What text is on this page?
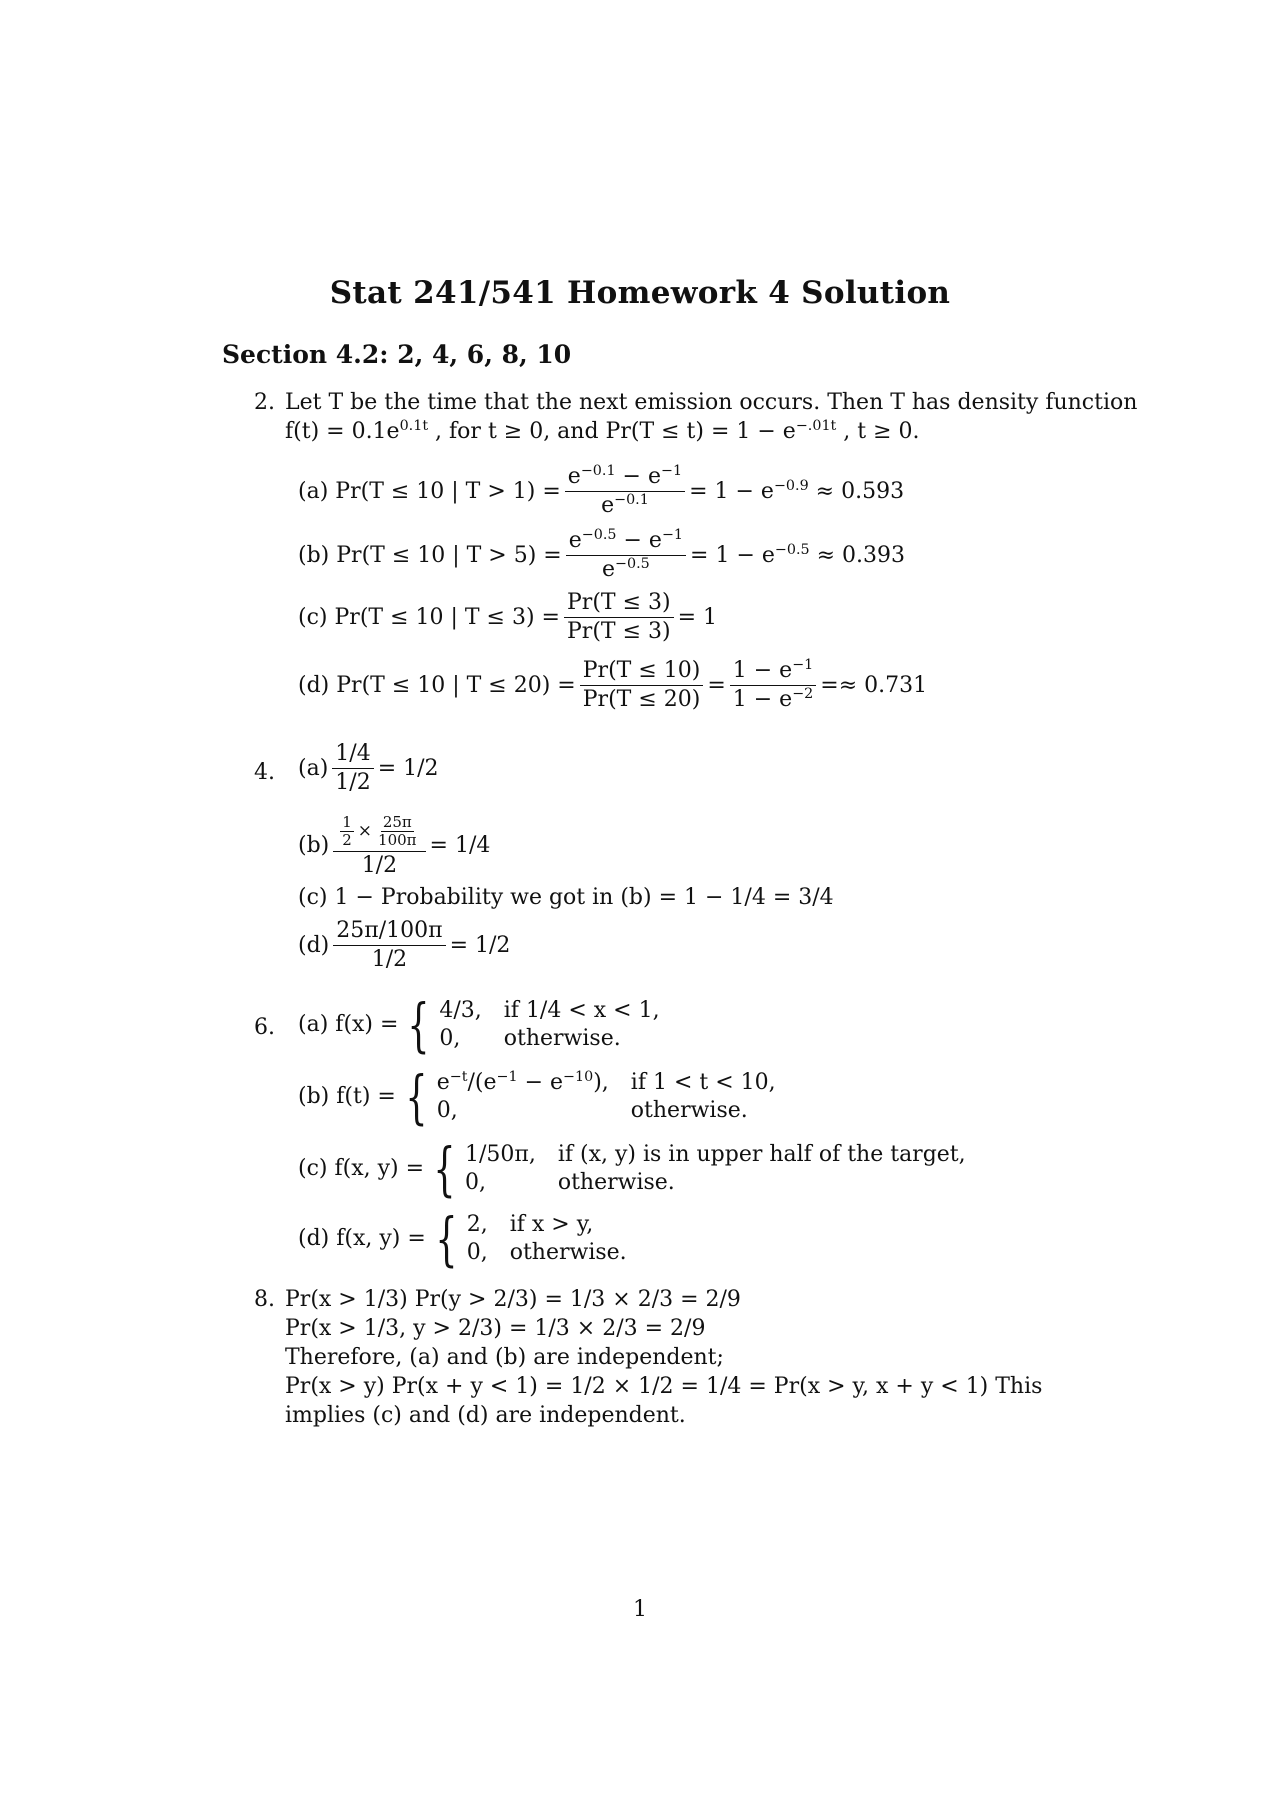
Stat 241/541 Homework 4 Solution
Section 4.2: 2, 4, 6, 8, 10
2. Let T be the time that the next emission occurs. Then T has density function
$f(t) = 0.1e^{0.1t}$ , for t ≥ 0, and $Pr(T \le t) = 1 - e^{-.01t}$ , t ≥ 0.
(a)
Pr(T ≤ 10 | $T > 1) = \frac{e^{-0.1} - e^{-1}}{e^{-0.1}} = 1 - e^{-0.9} \approx 0.593$
(b)
Pr(T ≤ 10 | $T > 5) = \frac{e^{-0.5} - e^{-1}}{e^{-0.5}} = 1 - e^{-0.5} \approx 0.393$
(c)
Pr(T ≤ 10 | $T \le 3) = \frac{Pr(T \le 3)}{Pr(T \le 3)} = 1$
(d)
Pr(T ≤ 10 | $T \le 20) = \frac{Pr(T \le 10)}{Pr(T \le 20)} = \frac{1 - e^{-1}}{1 - e^{-2}} =\approx 0.731$
4. $(a) \frac{1/4}{1/2} = 1/2$
$(b) \frac{\frac{1}{2} \times \frac{25\pi}{100\pi}}{1/2} = 1/4$
(c) 1 − Probability we got in (b) = 1 − 1/4 = 3/4
$(d) \frac{25\pi/100\pi}{1/2} = 1/2$
6. (a)
f(x) = { 4/3, if 1/4 < x < 1,
0,	otherwise.
(b)
f(t) = { $e^{-t}/(e^{-1} - e^{-10})$, if 1 < t < 10,
0,	otherwise.
(c)
f(x, y) = { 1/50π, if (x, y) is in upper half of the target,
0,	otherwise.
(d)
f(x, y) = { 2, if x > y,
0, otherwise.
8. Pr(x > 1/3) Pr(y > 2/3) = 1/3 × 2/3 = 2/9
Pr(x > 1/3, y > 2/3) = 1/3 × 2/3 = 2/9
Therefore, (a) and (b) are independent;
Pr(x > y) Pr(x + y < 1) = 1/2 × 1/2 = 1/4 = Pr(x > y, x + y < 1) This
implies (c) and (d) are independent.
1
